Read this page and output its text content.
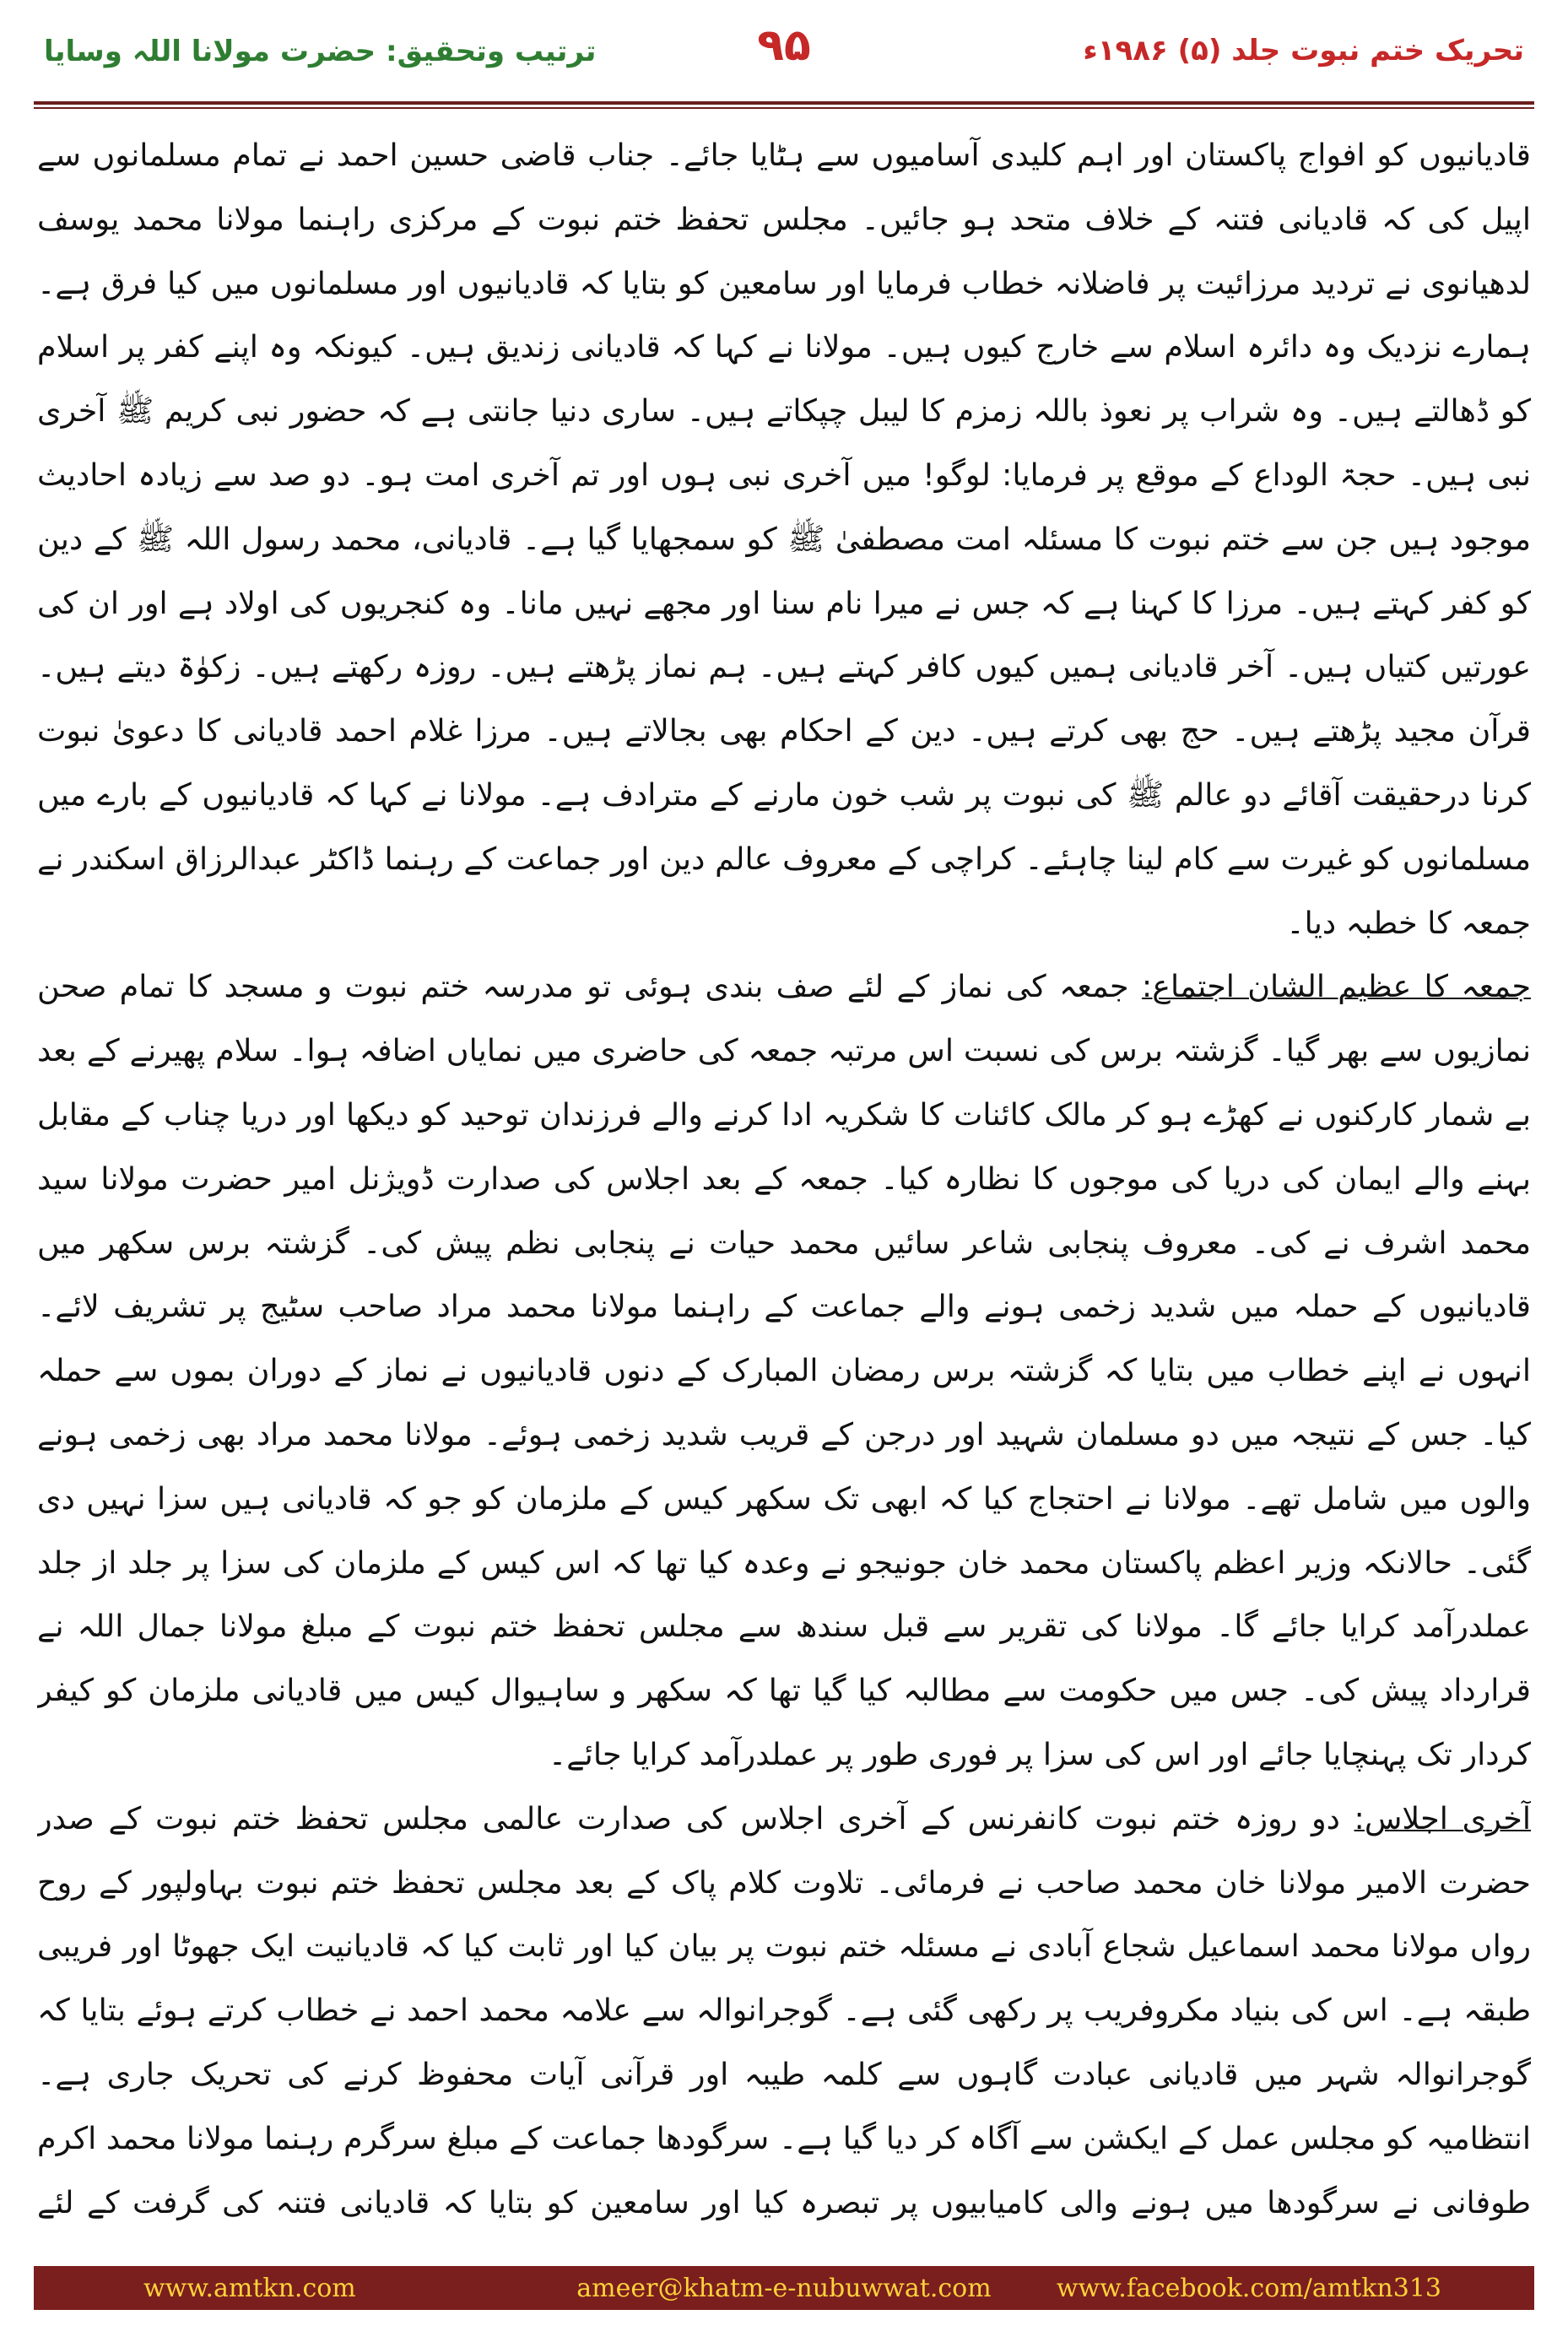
ترتیب وتحقیق: حضرت مولانا اللہ وسایا	۹۵	تحریک ختم نبوت جلد (۵) ۱۹۸۶ء

قادیانیوں کو افواج پاکستان اور اہم کلیدی آسامیوں سے ہٹایا جائے۔ جناب قاضی حسین احمد نے تمام مسلمانوں سے اپیل کی کہ قادیانی فتنہ کے خلاف متحد ہو جائیں۔ مجلس تحفظ ختم نبوت کے مرکزی راہنما مولانا محمد یوسف لدھیانوی نے تردید مرزائیت پر فاضلانہ خطاب فرمایا اور سامعین کو بتایا کہ قادیانیوں اور مسلمانوں میں کیا فرق ہے۔ ہمارے نزدیک وہ دائرہ اسلام سے خارج کیوں ہیں۔ مولانا نے کہا کہ قادیانی زندیق ہیں۔ کیونکہ وہ اپنے کفر پر اسلام کو ڈھالتے ہیں۔ وہ شراب پر نعوذ باللہ زمزم کا لیبل چپکاتے ہیں۔ ساری دنیا جانتی ہے کہ حضور نبی کریم ﷺ آخری نبی ہیں۔ حجۃ الوداع کے موقع پر فرمایا: لوگو! میں آخری نبی ہوں اور تم آخری امت ہو۔ دو صد سے زیادہ احادیث موجود ہیں جن سے ختم نبوت کا مسئلہ امت مصطفیٰ ﷺ کو سمجھایا گیا ہے۔ قادیانی، محمد رسول اللہ ﷺ کے دین کو کفر کہتے ہیں۔ مرزا کا کہنا ہے کہ جس نے میرا نام سنا اور مجھے نہیں مانا۔ وہ کنجریوں کی اولاد ہے اور ان کی عورتیں کتیاں ہیں۔ آخر قادیانی ہمیں کیوں کافر کہتے ہیں۔ ہم نماز پڑھتے ہیں۔ روزہ رکھتے ہیں۔ زکوٰۃ دیتے ہیں۔ قرآن مجید پڑھتے ہیں۔ حج بھی کرتے ہیں۔ دین کے احکام بھی بجالاتے ہیں۔ مرزا غلام احمد قادیانی کا دعویٰ نبوت کرنا درحقیقت آقائے دو عالم ﷺ کی نبوت پر شب خون مارنے کے مترادف ہے۔ مولانا نے کہا کہ قادیانیوں کے بارے میں مسلمانوں کو غیرت سے کام لینا چاہئے۔ کراچی کے معروف عالم دین اور جماعت کے رہنما ڈاکٹر عبدالرزاق اسکندر نے جمعہ کا خطبہ دیا۔

جمعہ کا عظیم الشان اجتماع: جمعہ کی نماز کے لئے صف بندی ہوئی تو مدرسہ ختم نبوت و مسجد کا تمام صحن نمازیوں سے بھر گیا۔ گزشتہ برس کی نسبت اس مرتبہ جمعہ کی حاضری میں نمایاں اضافہ ہوا۔ سلام پھیرنے کے بعد بے شمار کارکنوں نے کھڑے ہو کر مالک کائنات کا شکریہ ادا کرنے والے فرزندان توحید کو دیکھا اور دریا چناب کے مقابل بہنے والے ایمان کی دریا کی موجوں کا نظارہ کیا۔ جمعہ کے بعد اجلاس کی صدارت ڈویژنل امیر حضرت مولانا سید محمد اشرف نے کی۔ معروف پنجابی شاعر سائیں محمد حیات نے پنجابی نظم پیش کی۔ گزشتہ برس سکھر میں قادیانیوں کے حملہ میں شدید زخمی ہونے والے جماعت کے راہنما مولانا محمد مراد صاحب سٹیج پر تشریف لائے۔ انہوں نے اپنے خطاب میں بتایا کہ گزشتہ برس رمضان المبارک کے دنوں قادیانیوں نے نماز کے دوران بموں سے حملہ کیا۔ جس کے نتیجہ میں دو مسلمان شہید اور درجن کے قریب شدید زخمی ہوئے۔ مولانا محمد مراد بھی زخمی ہونے والوں میں شامل تھے۔ مولانا نے احتجاج کیا کہ ابھی تک سکھر کیس کے ملزمان کو جو کہ قادیانی ہیں سزا نہیں دی گئی۔ حالانکہ وزیر اعظم پاکستان محمد خان جونیجو نے وعدہ کیا تھا کہ اس کیس کے ملزمان کی سزا پر جلد از جلد عملدرآمد کرایا جائے گا۔ مولانا کی تقریر سے قبل سندھ سے مجلس تحفظ ختم نبوت کے مبلغ مولانا جمال اللہ نے قرارداد پیش کی۔ جس میں حکومت سے مطالبہ کیا گیا تھا کہ سکھر و ساہیوال کیس میں قادیانی ملزمان کو کیفر کردار تک پہنچایا جائے اور اس کی سزا پر فوری طور پر عملدرآمد کرایا جائے۔

آخری اجلاس: دو روزہ ختم نبوت کانفرنس کے آخری اجلاس کی صدارت عالمی مجلس تحفظ ختم نبوت کے صدر حضرت الامیر مولانا خان محمد صاحب نے فرمائی۔ تلاوت کلام پاک کے بعد مجلس تحفظ ختم نبوت بہاولپور کے روح رواں مولانا محمد اسماعیل شجاع آبادی نے مسئلہ ختم نبوت پر بیان کیا اور ثابت کیا کہ قادیانیت ایک جھوٹا اور فریبی طبقہ ہے۔ اس کی بنیاد مکروفریب پر رکھی گئی ہے۔ گوجرانوالہ سے علامہ محمد احمد نے خطاب کرتے ہوئے بتایا کہ گوجرانوالہ شہر میں قادیانی عبادت گاہوں سے کلمہ طیبہ اور قرآنی آیات محفوظ کرنے کی تحریک جاری ہے۔ انتظامیہ کو مجلس عمل کے ایکشن سے آگاہ کر دیا گیا ہے۔ سرگودھا جماعت کے مبلغ سرگرم رہنما مولانا محمد اکرم طوفانی نے سرگودھا میں ہونے والی کامیابیوں پر تبصرہ کیا اور سامعین کو بتایا کہ قادیانی فتنہ کی گرفت کے لئے

www.amtkn.com	ameer@khatm-e-nubuwwat.com	www.facebook.com/amtkn313
